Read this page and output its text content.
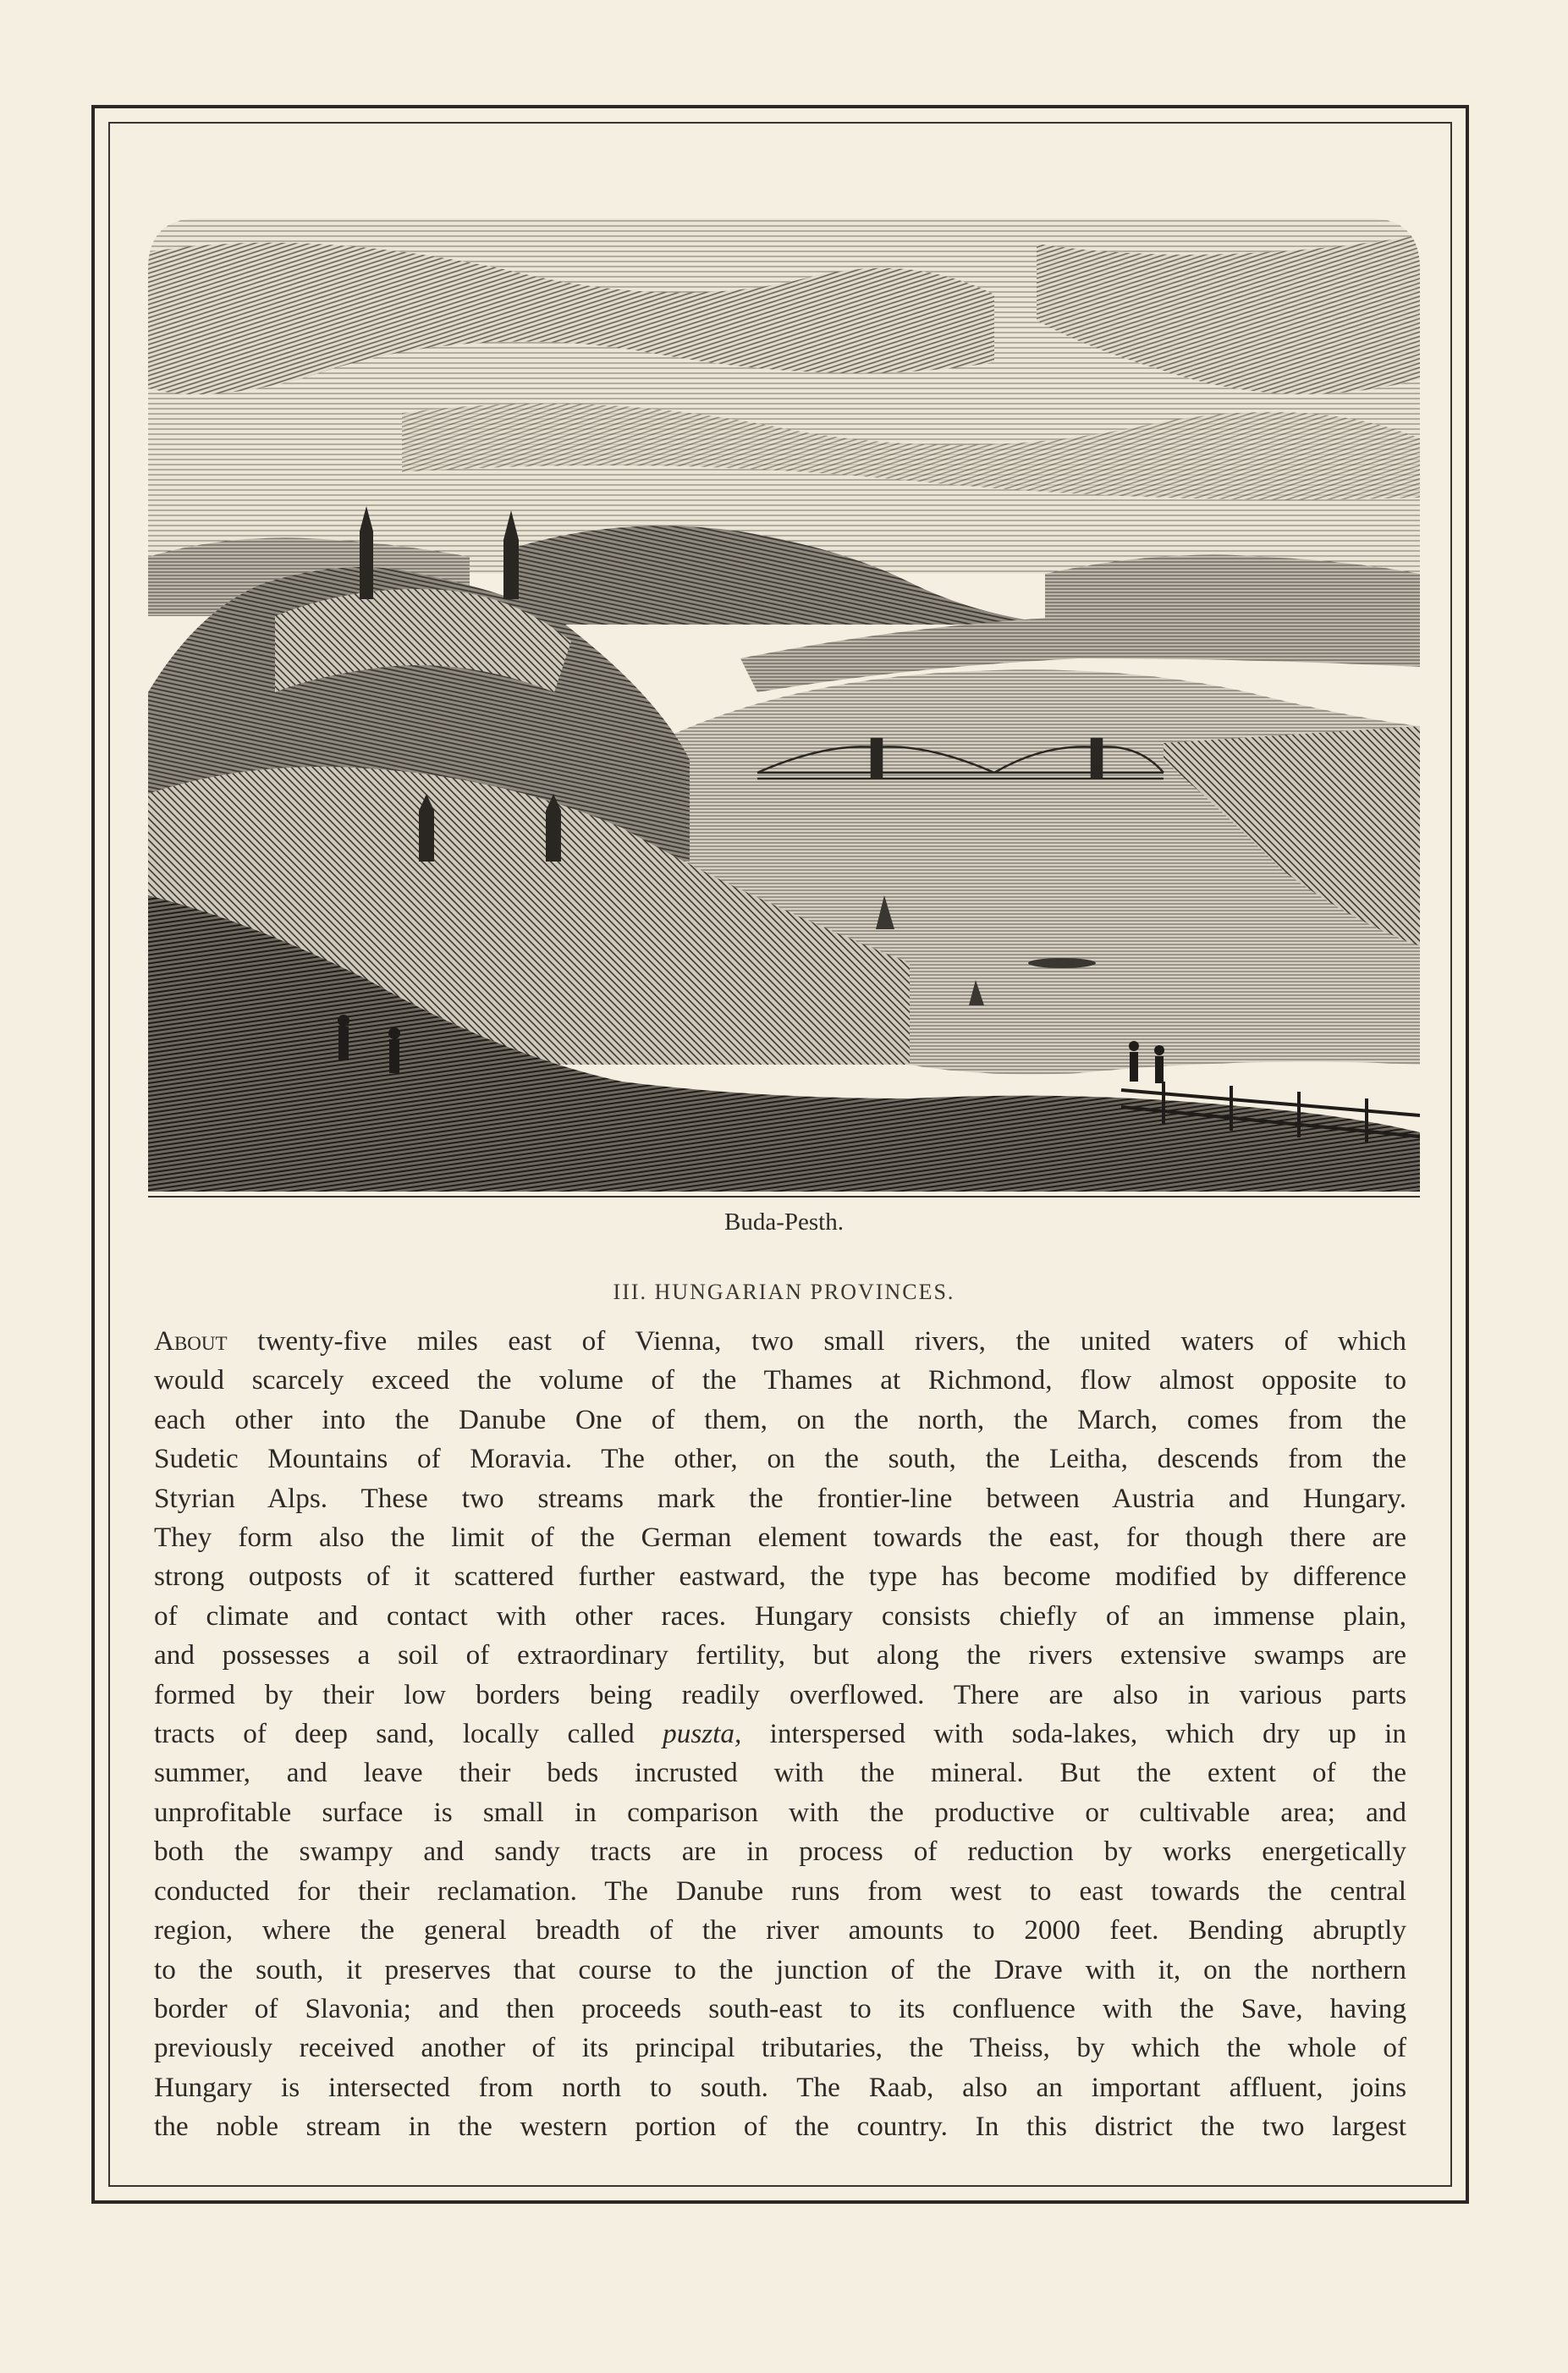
Buda-Pesth.
III. HUNGARIAN PROVINCES.
About twenty-five miles east of Vienna, two small rivers, the united waters of which
would scarcely exceed the volume of the Thames at Richmond, flow almost opposite to
each other into the Danube One of them, on the north, the March, comes from the
Sudetic Mountains of Moravia. The other, on the south, the Leitha, descends from the
Styrian Alps. These two streams mark the frontier-line between Austria and Hungary.
They form also the limit of the German element towards the east, for though there are
strong outposts of it scattered further eastward, the type has become modified by difference
of climate and contact with other races. Hungary consists chiefly of an immense plain,
and possesses a soil of extraordinary fertility, but along the rivers extensive swamps are
formed by their low borders being readily overflowed. There are also in various parts
tracts of deep sand, locally called puszta, interspersed with soda-lakes, which dry up in
summer, and leave their beds incrusted with the mineral. But the extent of the
unprofitable surface is small in comparison with the productive or cultivable area; and
both the swampy and sandy tracts are in process of reduction by works energetically
conducted for their reclamation. The Danube runs from west to east towards the central
region, where the general breadth of the river amounts to 2000 feet. Bending abruptly
to the south, it preserves that course to the junction of the Drave with it, on the northern
border of Slavonia; and then proceeds south-east to its confluence with the Save, having
previously received another of its principal tributaries, the Theiss, by which the whole of
Hungary is intersected from north to south. The Raab, also an important affluent, joins
the noble stream in the western portion of the country. In this district the two largest
